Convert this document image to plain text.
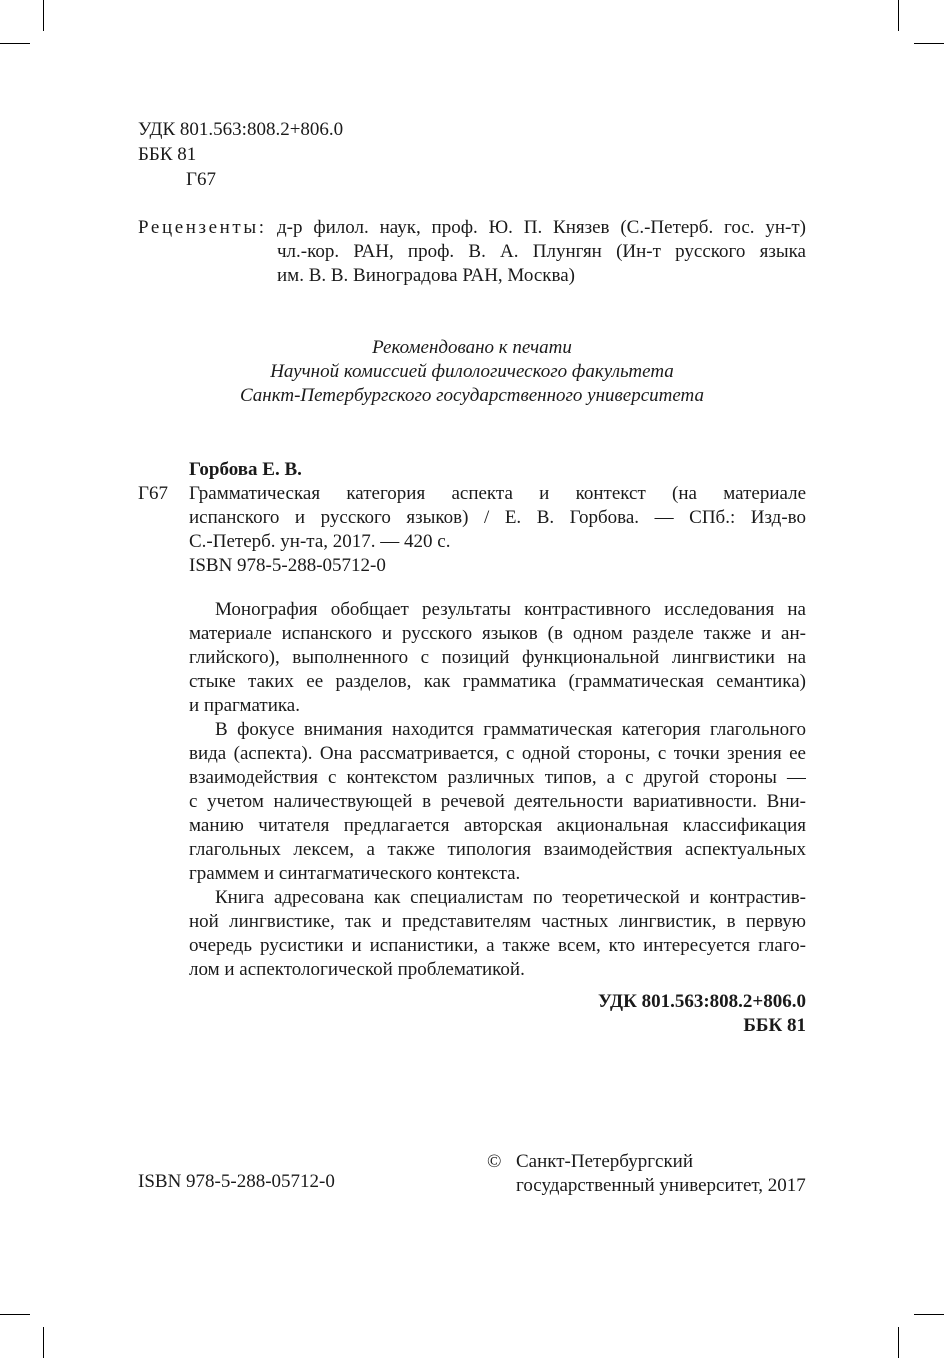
УДК 801.563:808.2+806.0
ББК 81
Г67
Рецензенты: д-р филол. наук, проф. Ю. П. Князев (С.-Петерб. гос. ун-т)
чл.-кор. РАН, проф. В. А. Плунгян (Ин-т русского языка
им. В. В. Виноградова РАН, Москва)
Рекомендовано к печати
Научной комиссией филологического факультета
Санкт-Петербургского государственного университета
Горбова Е. В.
Г67 Грамматическая категория аспекта и контекст (на материале
испанского и русского языков) / Е. В. Горбова. — СПб.: Изд-во
С.-Петерб. ун-та, 2017. — 420 с.
ISBN 978-5-288-05712-0
Монография обобщает результаты контрастивного исследования на
материале испанского и русского языков (в одном разделе также и ан-
глийского), выполненного с позиций функциональной лингвистики на
стыке таких ее разделов, как грамматика (грамматическая семантика)
и прагматика.
В фокусе внимания находится грамматическая категория глагольного
вида (аспекта). Она рассматривается, с одной стороны, с точки зрения ее
взаимодействия с контекстом различных типов, а с другой стороны —
с учетом наличествующей в речевой деятельности вариативности. Вни-
манию читателя предлагается авторская акциональная классификация
глагольных лексем, а также типология взаимодействия аспектуальных
граммем и синтагматического контекста.
Книга адресована как специалистам по теоретической и контрастив-
ной лингвистике, так и представителям частных лингвистик, в первую
очередь русистики и испанистики, а также всем, кто интересуется глаго-
лом и аспектологической проблематикой.
УДК 801.563:808.2+806.0
ББК 81
ISBN 978-5-288-05712-0
© Санкт-Петербургский
государственный университет, 2017
